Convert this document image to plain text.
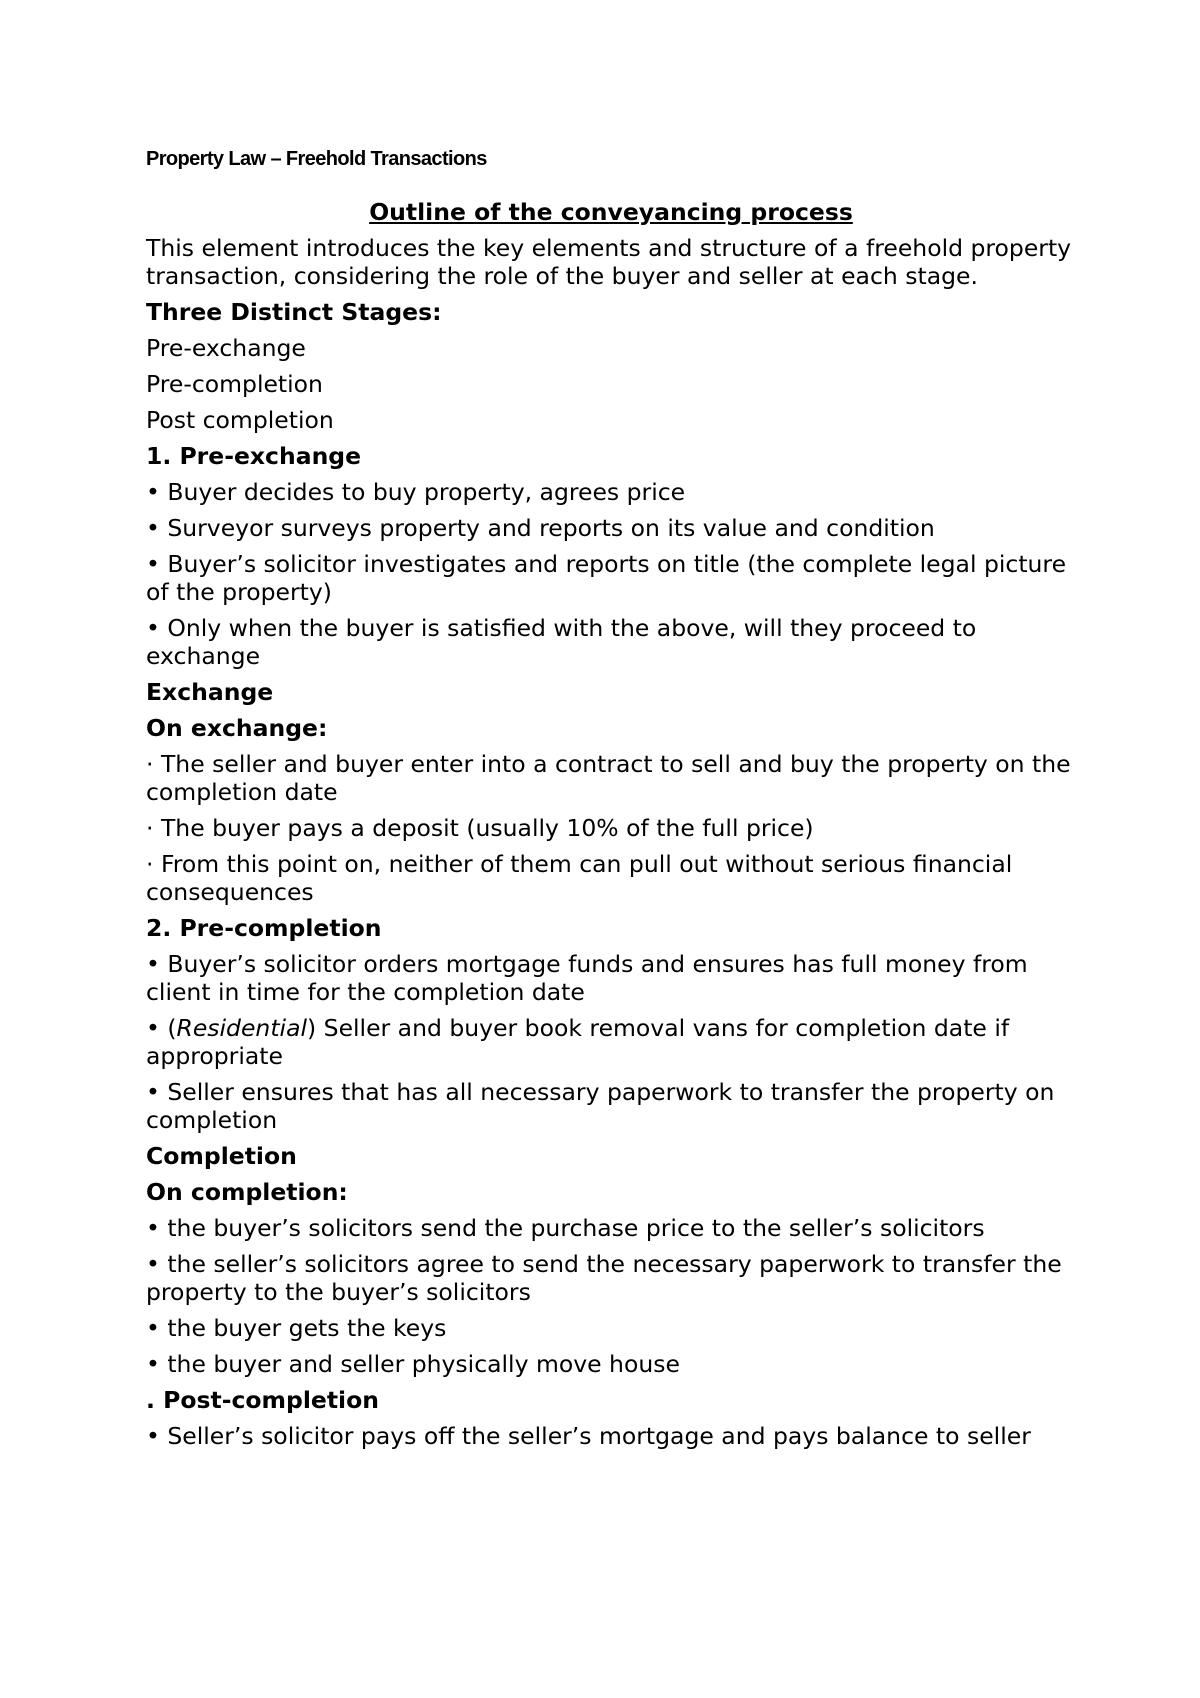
Property Law – Freehold Transactions
Outline of the conveyancing process
This element introduces the key elements and structure of a freehold property transaction, considering the role of the buyer and seller at each stage.
Three Distinct Stages:
Pre-exchange
Pre-completion
Post completion
1. Pre-exchange
• Buyer decides to buy property, agrees price
• Surveyor surveys property and reports on its value and condition
• Buyer’s solicitor investigates and reports on title (the complete legal picture of the property)
• Only when the buyer is satisfied with the above, will they proceed to exchange
Exchange
On exchange:
· The seller and buyer enter into a contract to sell and buy the property on the completion date
· The buyer pays a deposit (usually 10% of the full price)
· From this point on, neither of them can pull out without serious financial consequences
2. Pre-completion
• Buyer’s solicitor orders mortgage funds and ensures has full money from client in time for the completion date
• (Residential) Seller and buyer book removal vans for completion date if appropriate
• Seller ensures that has all necessary paperwork to transfer the property on completion
Completion
On completion:
• the buyer’s solicitors send the purchase price to the seller’s solicitors
• the seller’s solicitors agree to send the necessary paperwork to transfer the property to the buyer’s solicitors
• the buyer gets the keys
• the buyer and seller physically move house
. Post-completion
• Seller’s solicitor pays off the seller’s mortgage and pays balance to seller
